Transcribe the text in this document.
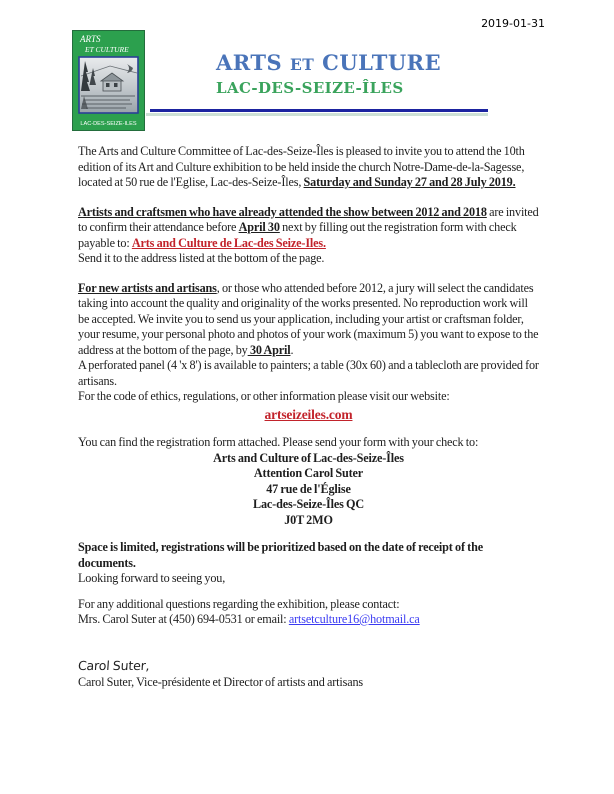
2019-01-31
ARTS
ET CULTURE
LAC-DES-SEIZE-ILES
ARTS ET CULTURE
LAC-DES-SEIZE-ÎLES

The Arts and Culture Committee of Lac-des-Seize-Îles is pleased to invite you to attend the 10th edition of its Art and Culture exhibition to be held inside the church Notre-Dame-de-la-Sagesse, located at 50 rue de l'Eglise, Lac-des-Seize-Îles, Saturday and Sunday 27 and 28 July 2019.

Artists and craftsmen who have already attended the show between 2012 and 2018 are invited to confirm their attendance before April 30 next by filling out the registration form with check payable to: Arts and Culture de Lac-des Seize-Iles.
Send it to the address listed at the bottom of the page.

For new artists and artisans, or those who attended before 2012, a jury will select the candidates taking into account the quality and originality of the works presented. No reproduction work will be accepted. We invite you to send us your application, including your artist or craftsman folder, your resume, your personal photo and photos of your work (maximum 5) you want to expose to the address at the bottom of the page, by 30 April.

A perforated panel (4 'x 8') is available to painters; a table (30x 60) and a tablecloth are provided for artisans.
For the code of ethics, regulations, or other information please visit our website:

artseizeiles.com

You can find the registration form attached. Please send your form with your check to:

Arts and Culture of Lac-des-Seize-Îles
Attention Carol Suter
47 rue de l'Église
Lac-des-Seize-Îles QC
J0T 2MO

Space is limited, registrations will be prioritized based on the date of receipt of the documents.

Looking forward to seeing you,

For any additional questions regarding the exhibition, please contact:
Mrs. Carol Suter at (450) 694-0531 or email: artsetculture16@hotmail.ca

Carol Suter,
Carol Suter, Vice-présidente et Director of artists and artisans
